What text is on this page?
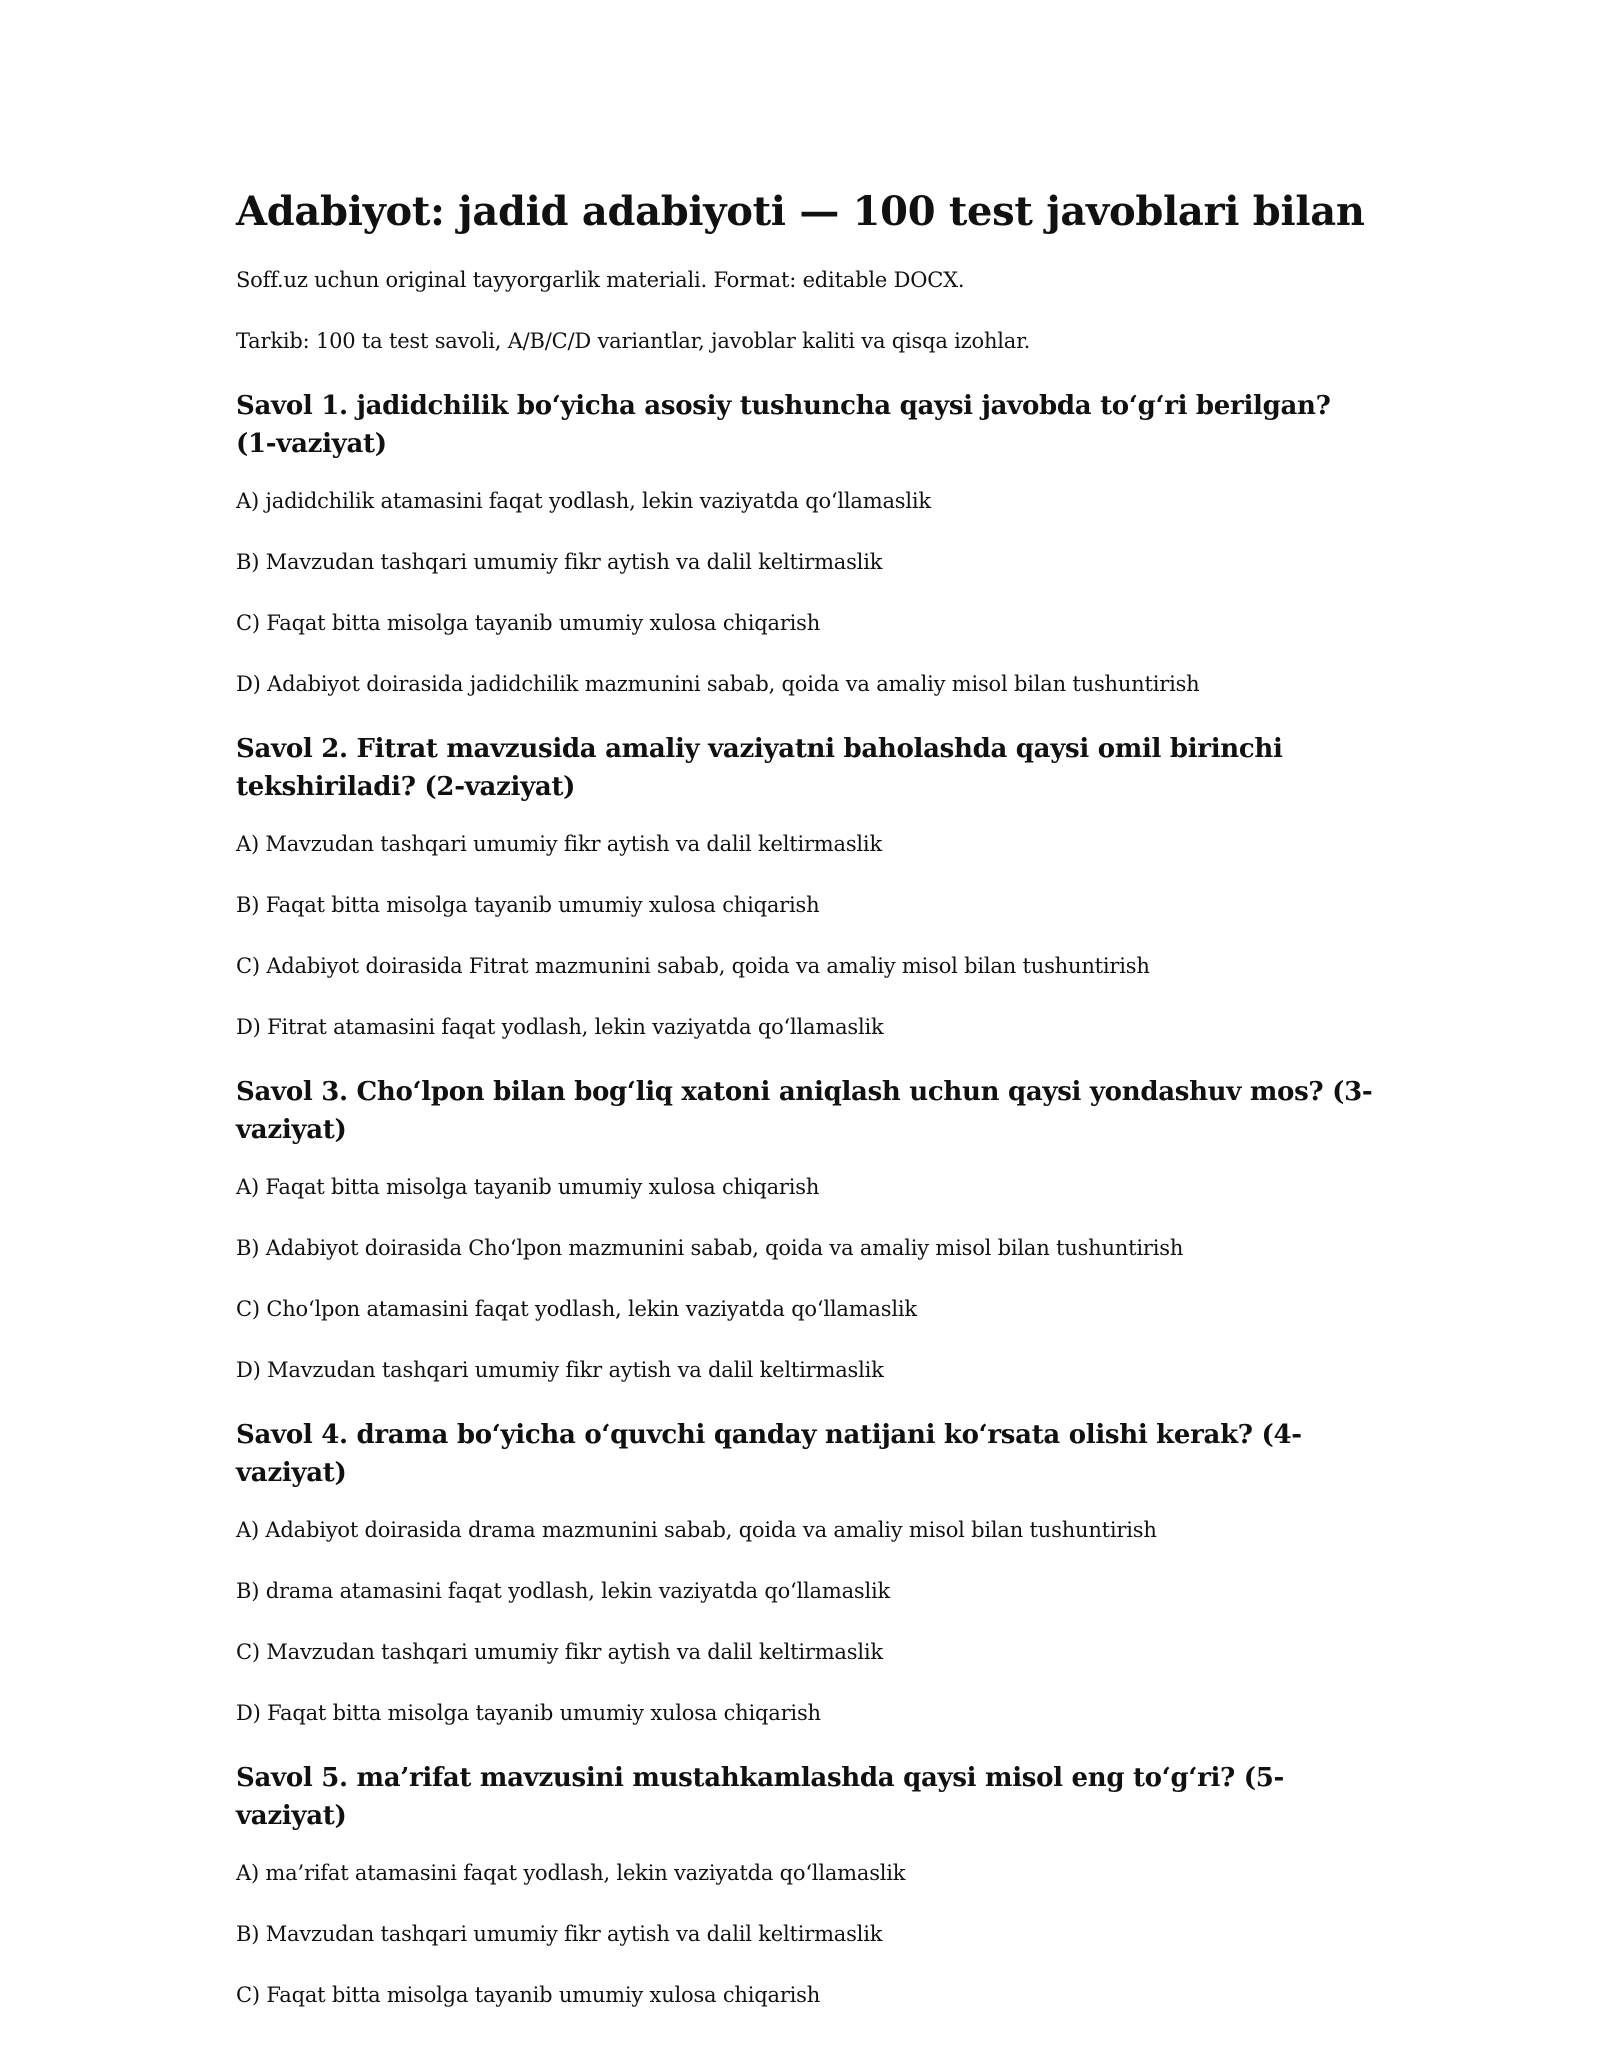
Adabiyot: jadid adabiyoti — 100 test javoblari bilan

Soff.uz uchun original tayyorgarlik materiali. Format: editable DOCX.

Tarkib: 100 ta test savoli, A/B/C/D variantlar, javoblar kaliti va qisqa izohlar.

Savol 1. jadidchilik bo‘yicha asosiy tushuncha qaysi javobda to‘g‘ri berilgan? (1-vaziyat)

A) jadidchilik atamasini faqat yodlash, lekin vaziyatda qo‘llamaslik

B) Mavzudan tashqari umumiy fikr aytish va dalil keltirmaslik

C) Faqat bitta misolga tayanib umumiy xulosa chiqarish

D) Adabiyot doirasida jadidchilik mazmunini sabab, qoida va amaliy misol bilan tushuntirish

Savol 2. Fitrat mavzusida amaliy vaziyatni baholashda qaysi omil birinchi tekshiriladi? (2-vaziyat)

A) Mavzudan tashqari umumiy fikr aytish va dalil keltirmaslik

B) Faqat bitta misolga tayanib umumiy xulosa chiqarish

C) Adabiyot doirasida Fitrat mazmunini sabab, qoida va amaliy misol bilan tushuntirish

D) Fitrat atamasini faqat yodlash, lekin vaziyatda qo‘llamaslik

Savol 3. Cho‘lpon bilan bog‘liq xatoni aniqlash uchun qaysi yondashuv mos? (3-vaziyat)

A) Faqat bitta misolga tayanib umumiy xulosa chiqarish

B) Adabiyot doirasida Cho‘lpon mazmunini sabab, qoida va amaliy misol bilan tushuntirish

C) Cho‘lpon atamasini faqat yodlash, lekin vaziyatda qo‘llamaslik

D) Mavzudan tashqari umumiy fikr aytish va dalil keltirmaslik

Savol 4. drama bo‘yicha o‘quvchi qanday natijani ko‘rsata olishi kerak? (4-vaziyat)

A) Adabiyot doirasida drama mazmunini sabab, qoida va amaliy misol bilan tushuntirish

B) drama atamasini faqat yodlash, lekin vaziyatda qo‘llamaslik

C) Mavzudan tashqari umumiy fikr aytish va dalil keltirmaslik

D) Faqat bitta misolga tayanib umumiy xulosa chiqarish

Savol 5. ma’rifat mavzusini mustahkamlashda qaysi misol eng to‘g‘ri? (5-vaziyat)

A) ma’rifat atamasini faqat yodlash, lekin vaziyatda qo‘llamaslik

B) Mavzudan tashqari umumiy fikr aytish va dalil keltirmaslik

C) Faqat bitta misolga tayanib umumiy xulosa chiqarish
